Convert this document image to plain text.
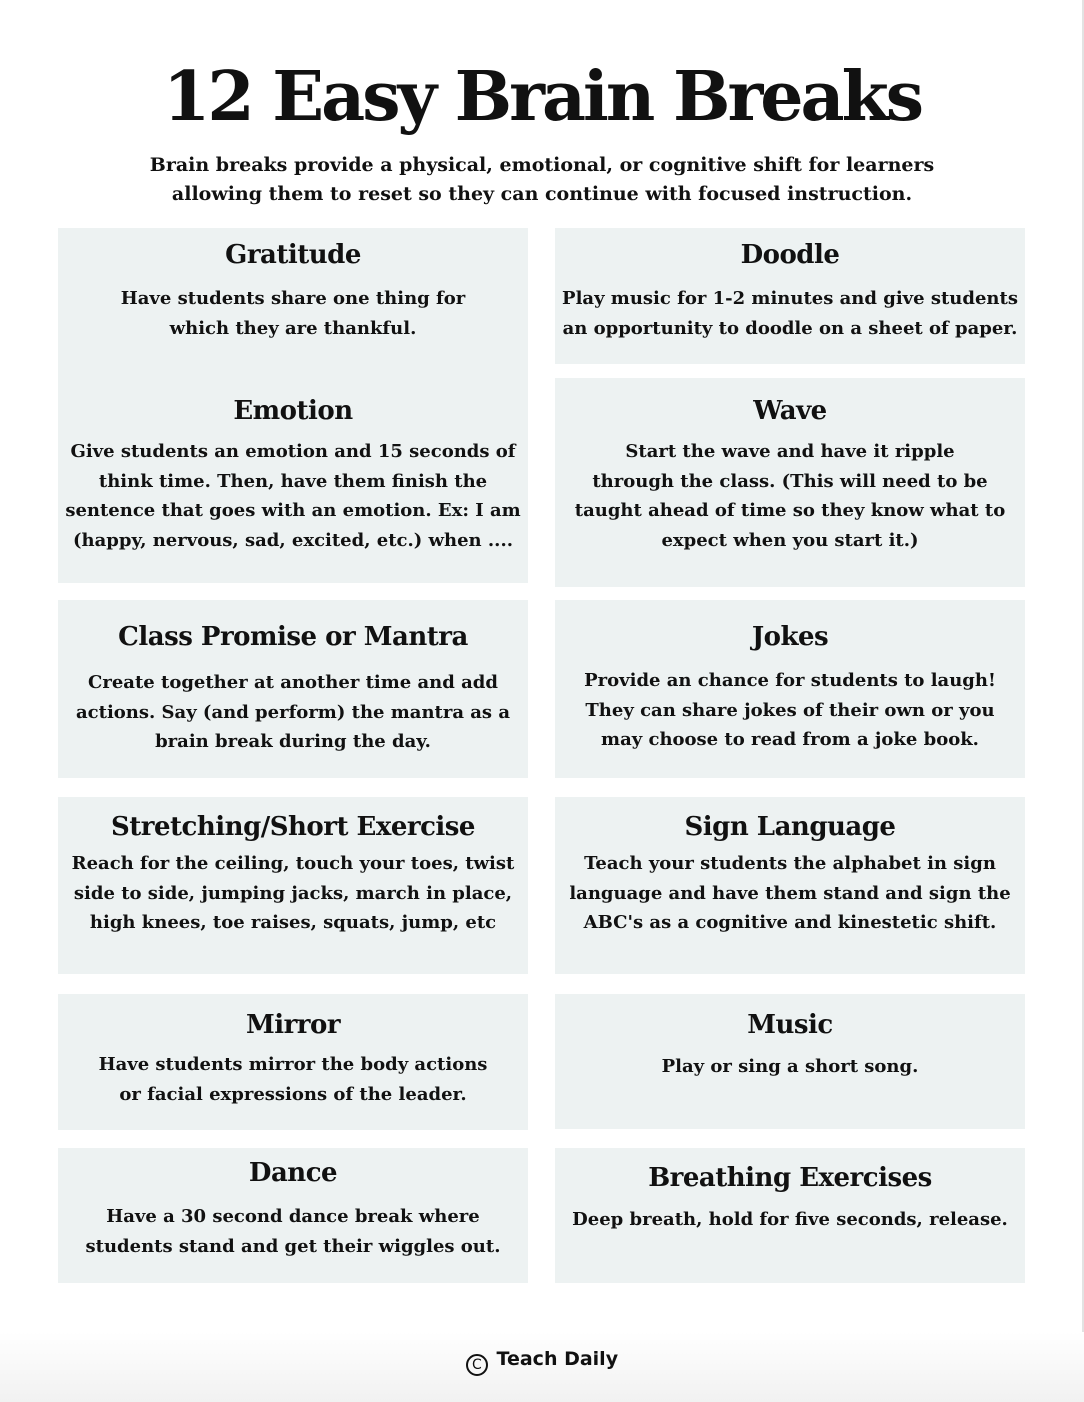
12 Easy Brain Breaks
Brain breaks provide a physical, emotional, or cognitive shift for learners
allowing them to reset so they can continue with focused instruction.
Gratitude

Have students share one thing for
which they are thankful.

Doodle

Play music for 1-2 minutes and give students
an opportunity to doodle on a sheet of paper.

Emotion

Give students an emotion and 15 seconds of
think time. Then, have them finish the
sentence that goes with an emotion. Ex: I am
(happy, nervous, sad, excited, etc.) when ....

Wave

Start the wave and have it ripple
through the class. (This will need to be
taught ahead of time so they know what to
expect when you start it.)

Class Promise or Mantra

Create together at another time and add
actions. Say (and perform) the mantra as a
brain break during the day.

Jokes

Provide an chance for students to laugh!
They can share jokes of their own or you
may choose to read from a joke book.

Stretching/Short Exercise

Reach for the ceiling, touch your toes, twist
side to side, jumping jacks, march in place,
high knees, toe raises, squats, jump, etc

Sign Language

Teach your students the alphabet in sign
language and have them stand and sign the
ABC's as a cognitive and kinestetic shift.

Mirror

Have students mirror the body actions
or facial expressions of the leader.

Music

Play or sing a short song.

Dance

Have a 30 second dance break where
students stand and get their wiggles out.

Breathing Exercises

Deep breath, hold for five seconds, release.

C Teach Daily
